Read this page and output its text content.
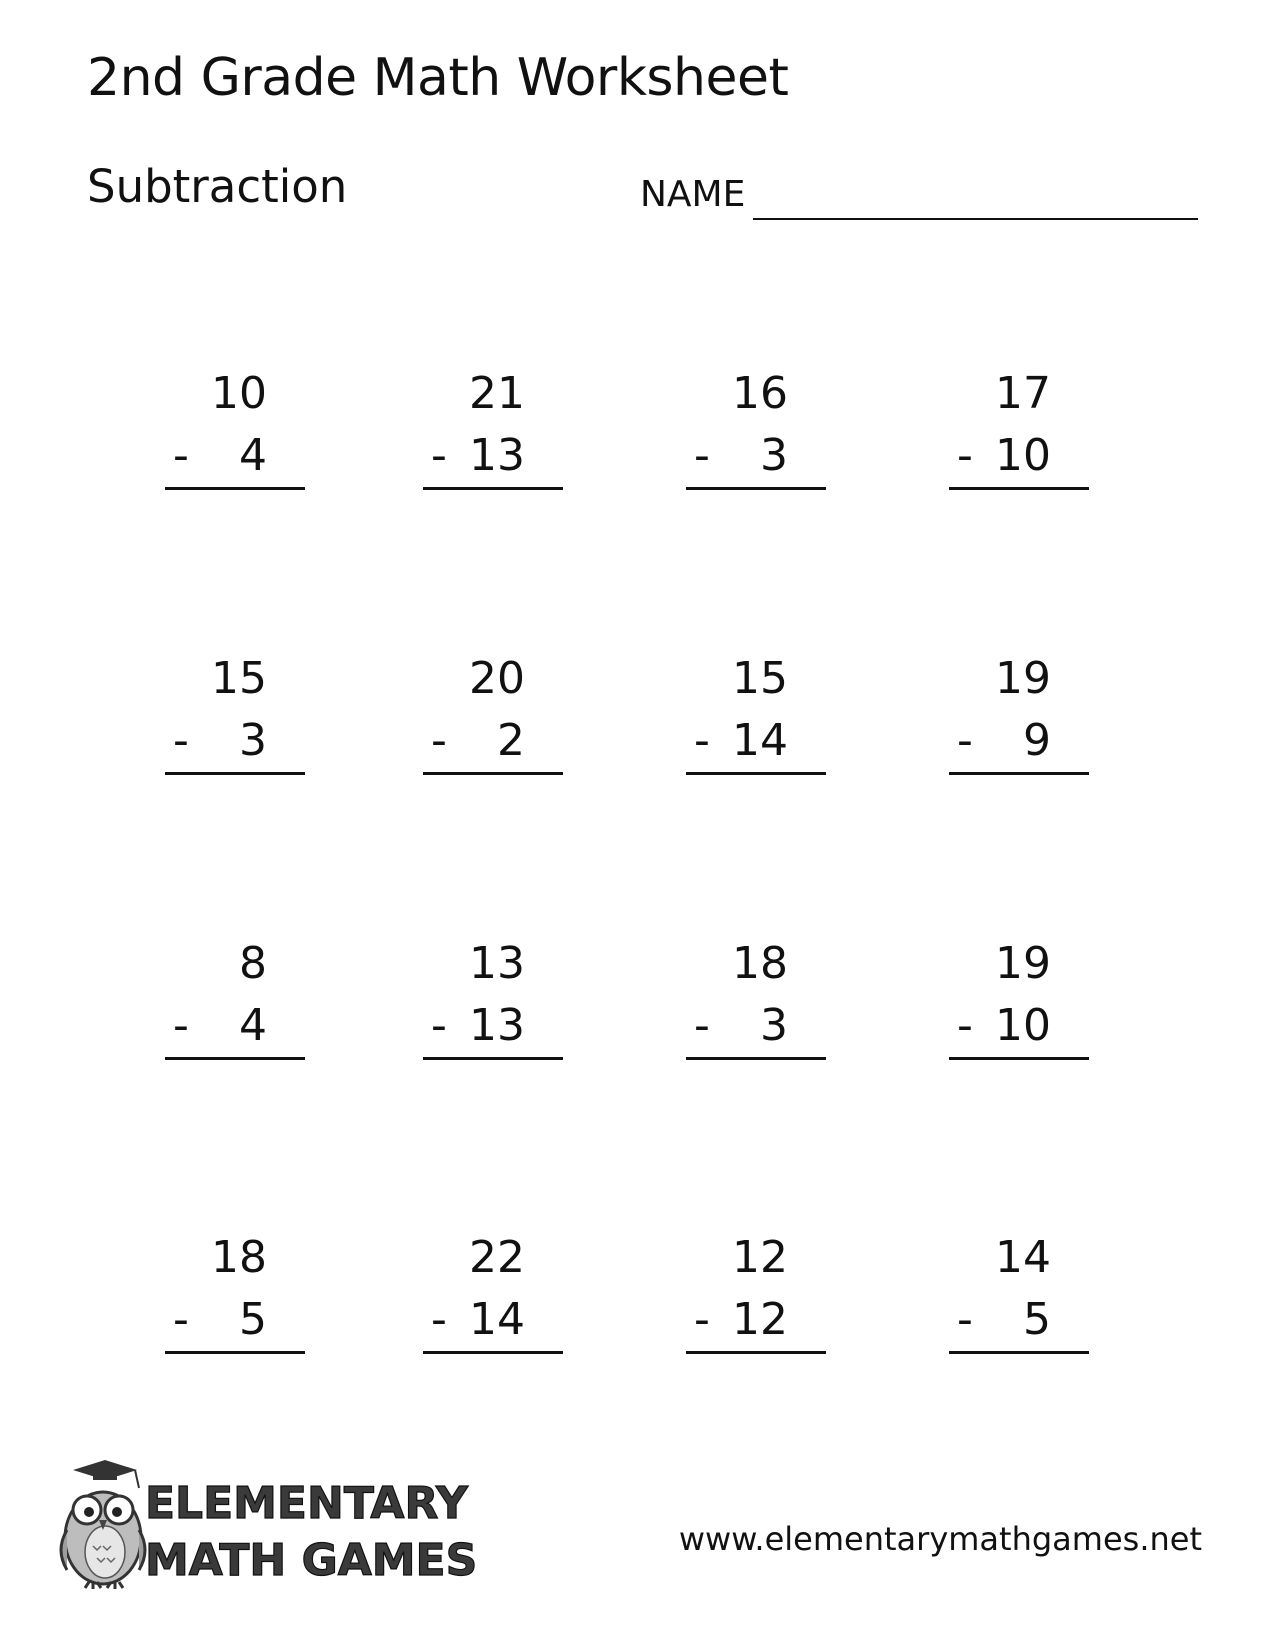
2nd Grade Math Worksheet
Subtraction	NAME
10
- 4
21
- 13
16
- 3
17
- 10
15
- 3
20
- 2
15
- 14
19
- 9
8
- 4
13
- 13
18
- 3
19
- 10
18
- 5
22
- 14
12
- 12
14
- 5
ELEMENTARY
MATH GAMES	www.elementarymathgames.net
